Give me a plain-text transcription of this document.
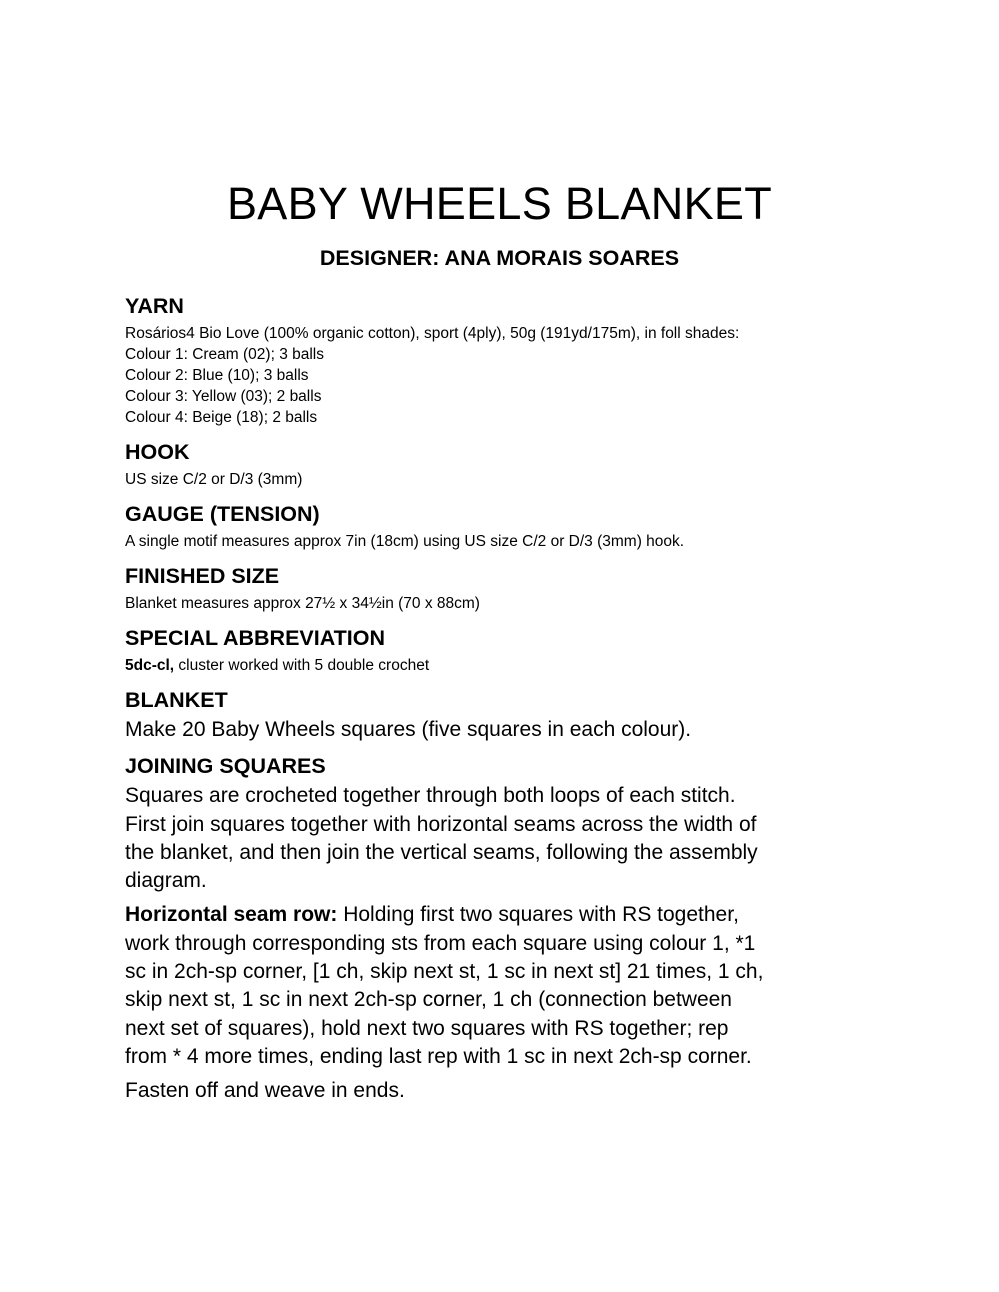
BABY WHEELS BLANKET
DESIGNER: ANA MORAIS SOARES
YARN

Rosários4 Bio Love (100% organic cotton), sport (4ply), 50g (191yd/175m), in foll shades:

Colour 1: Cream (02); 3 balls

Colour 2: Blue (10); 3 balls

Colour 3: Yellow (03); 2 balls

Colour 4: Beige (18); 2 balls

HOOK

US size C/2 or D/3 (3mm)

GAUGE (TENSION)

A single motif measures approx 7in (18cm) using US size C/2 or D/3 (3mm) hook.

FINISHED SIZE

Blanket measures approx 27½ x 34½in (70 x 88cm)

SPECIAL ABBREVIATION

5dc-cl, cluster worked with 5 double crochet

BLANKET

Make 20 Baby Wheels squares (five squares in each colour).

JOINING SQUARES

Squares are crocheted together through both loops of each stitch.

First join squares together with horizontal seams across the width of

the blanket, and then join the vertical seams, following the assembly

diagram.

Horizontal seam row: Holding first two squares with RS together,

work through corresponding sts from each square using colour 1, *1

sc in 2ch-sp corner, [1 ch, skip next st, 1 sc in next st] 21 times, 1 ch,

skip next st, 1 sc in next 2ch-sp corner, 1 ch (connection between

next set of squares), hold next two squares with RS together; rep

from * 4 more times, ending last rep with 1 sc in next 2ch-sp corner.

Fasten off and weave in ends.
